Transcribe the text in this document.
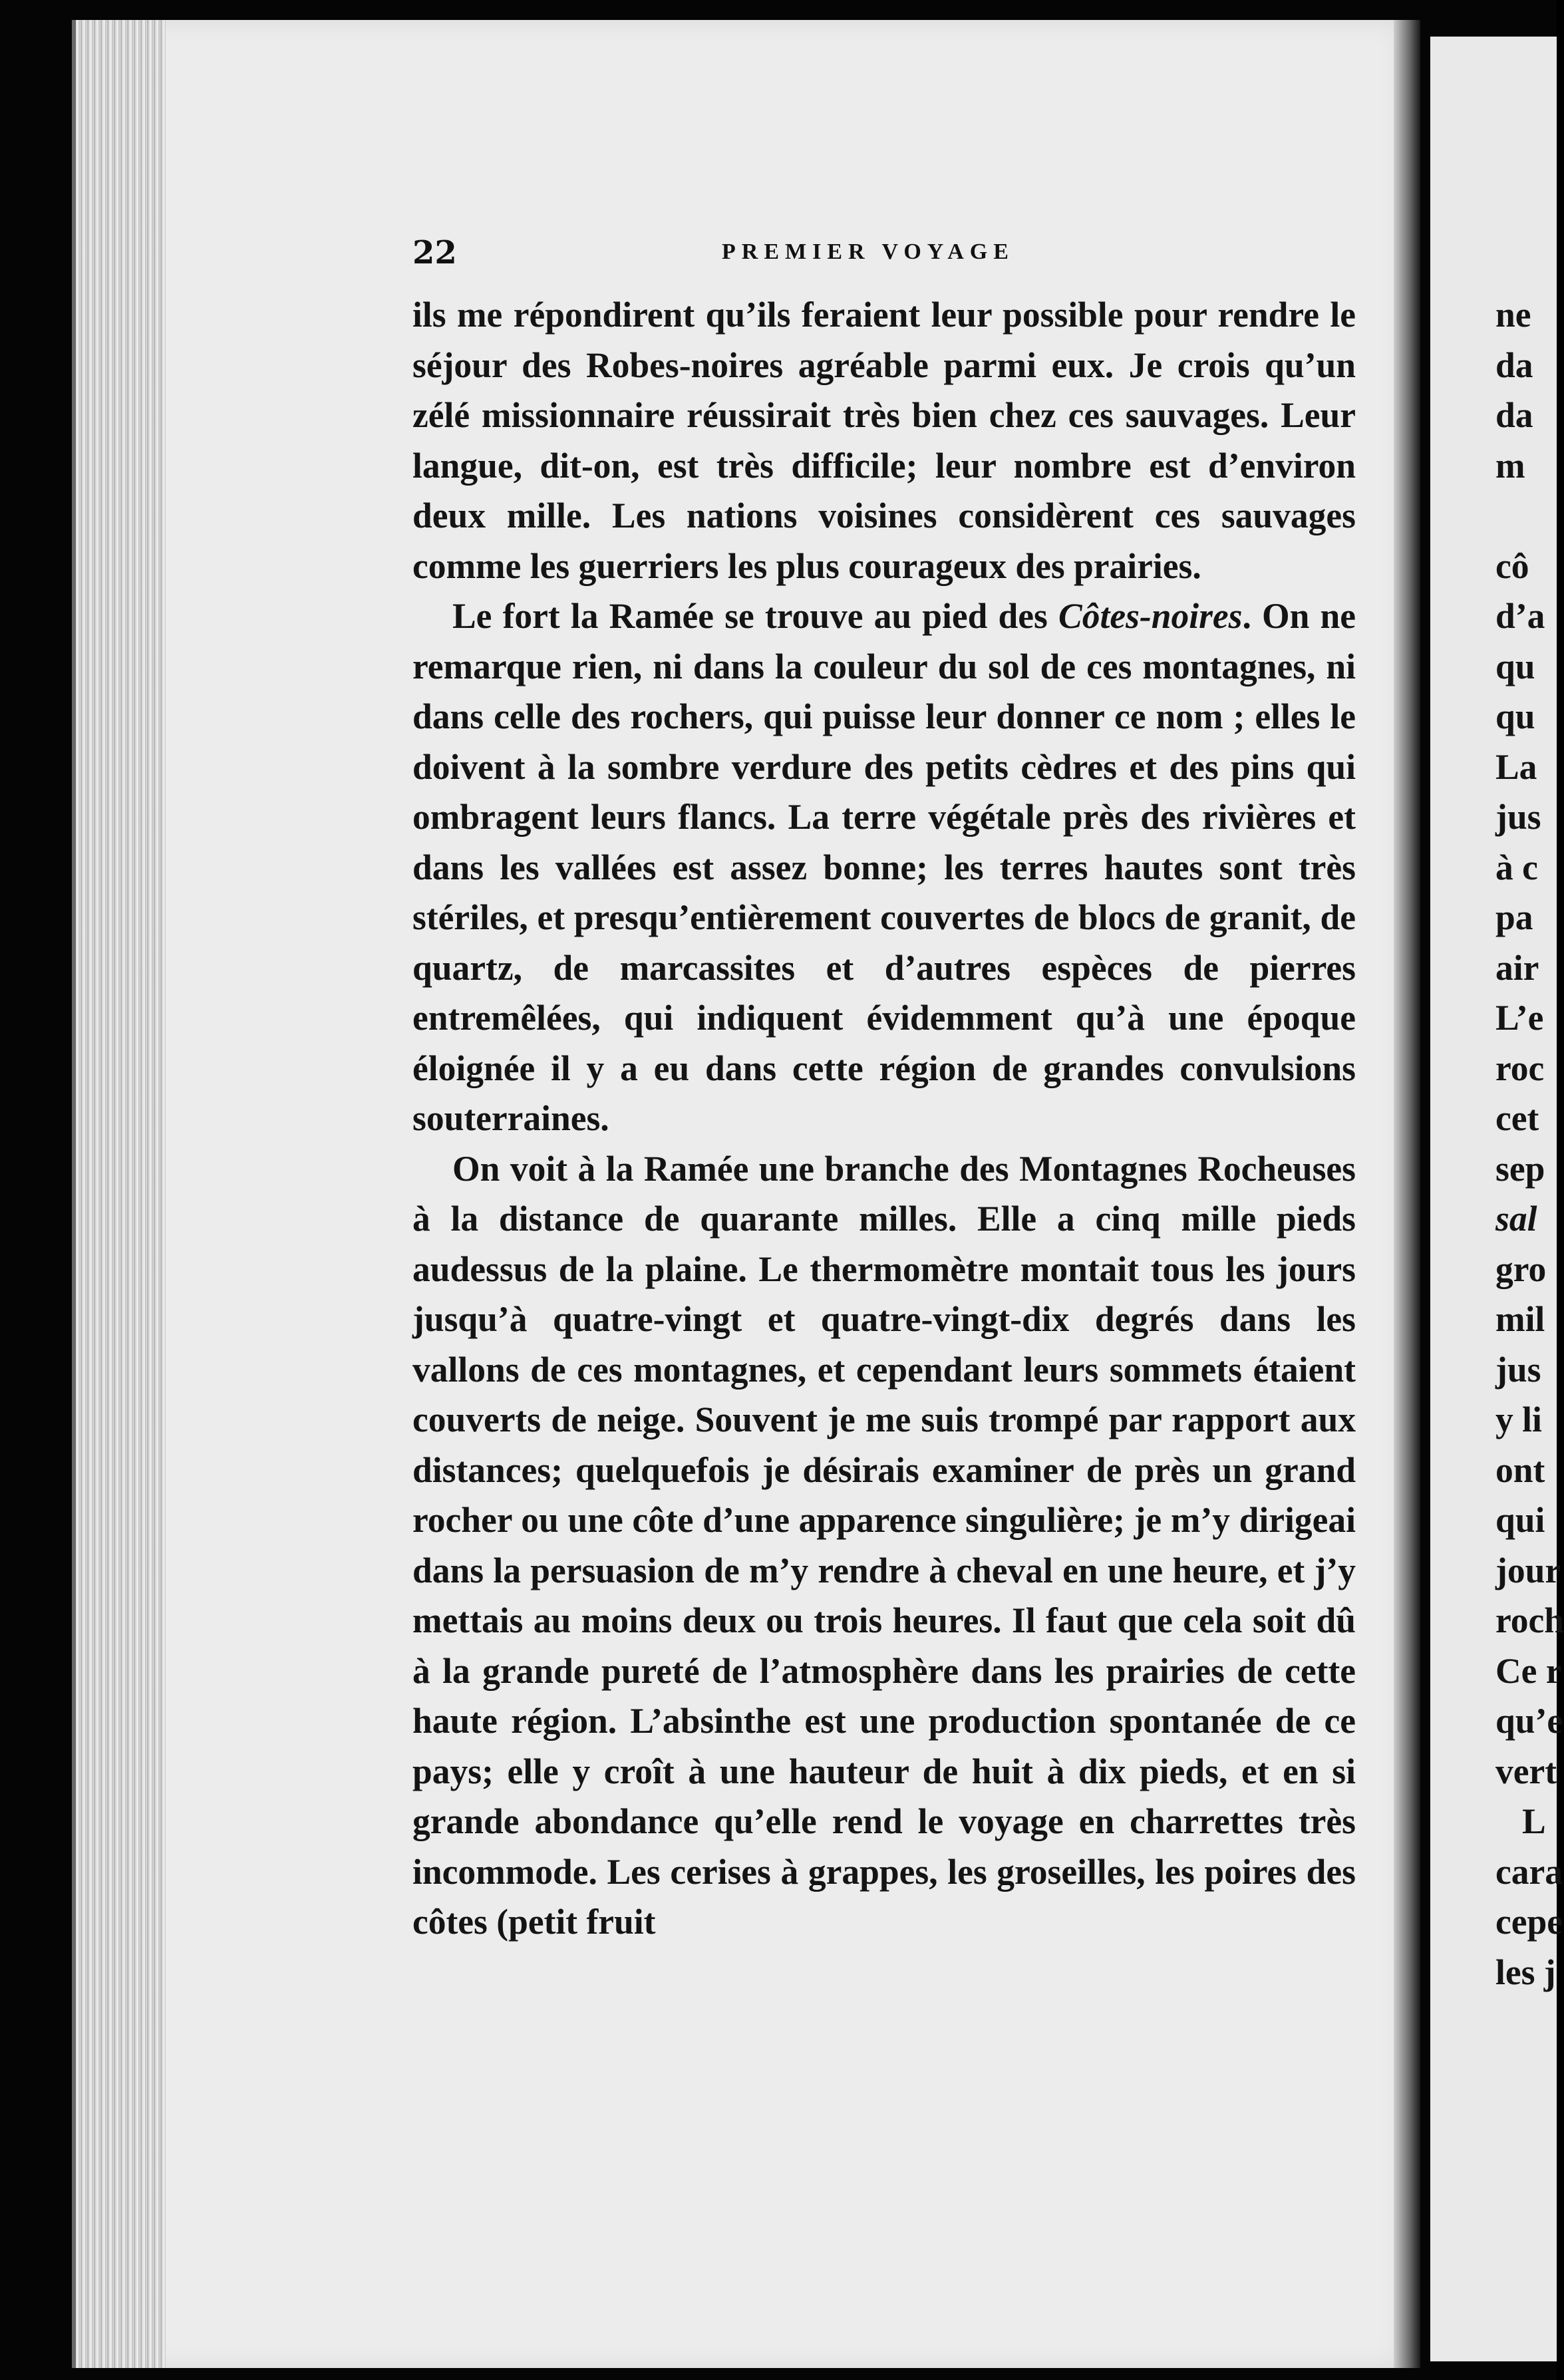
22	PREMIER VOYAGE

ils me répondirent qu’ils feraient leur possible pour rendre le séjour des Robes-noires agréable parmi eux. Je crois qu’un zélé missionnaire réussirait très bien chez ces sauvages. Leur langue, dit-on, est très difficile; leur nombre est d’environ deux mille. Les nations voisines considèrent ces sauvages comme les guerriers les plus courageux des prairies.

Le fort la Ramée se trouve au pied des Côtes-noires. On ne remarque rien, ni dans la couleur du sol de ces montagnes, ni dans celle des rochers, qui puisse leur donner ce nom ; elles le doivent à la sombre verdure des petits cèdres et des pins qui ombragent leurs flancs. La terre végétale près des rivières et dans les vallées est assez bonne; les terres hautes sont très stériles, et presqu’entièrement couvertes de blocs de granit, de quartz, de marcassites et d’autres espèces de pierres entremêlées, qui indiquent évidemment qu’à une époque éloignée il y a eu dans cette région de grandes convulsions souterraines.

On voit à la Ramée une branche des Montagnes Rocheuses à la distance de quarante milles. Elle a cinq mille pieds audessus de la plaine. Le thermomètre montait tous les jours jusqu’à quatre-vingt et quatre-vingt-dix degrés dans les vallons de ces montagnes, et cependant leurs sommets étaient couverts de neige. Souvent je me suis trompé par rapport aux distances; quelquefois je désirais examiner de près un grand rocher ou une côte d’une apparence singulière; je m’y dirigeai dans la persuasion de m’y rendre à cheval en une heure, et j’y mettais au moins deux ou trois heures. Il faut que cela soit dû à la grande pureté de l’atmosphère dans les prairies de cette haute région. L’absinthe est une production spontanée de ce pays; elle y croît à une hauteur de huit à dix pieds, et en si grande abondance qu’elle rend le voyage en charrettes très incommode. Les cerises à grappes, les groseilles, les poires des côtes (petit fruit

ne
da
da
m
cô
d’a
qu
qu
La
jus
à c
pa
air
L’e
roc
cet
sep
sal
gro
mil
jus
y li
ont
qui
jour
roch
Ce r
qu’e
vert
L
cara
cepe
les j
